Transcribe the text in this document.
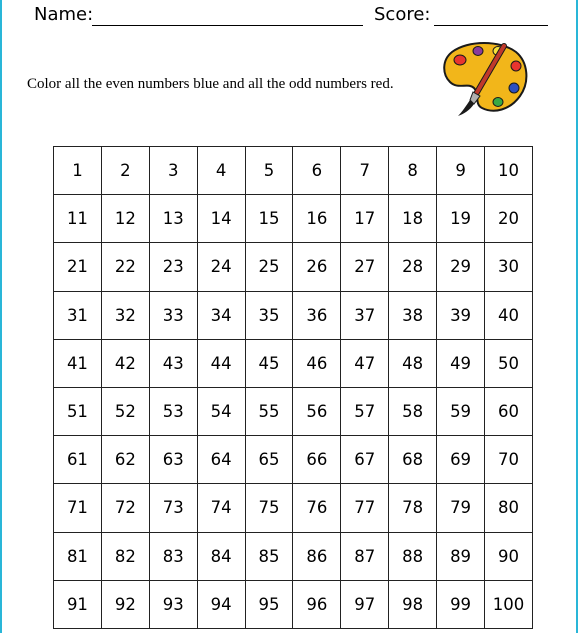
Name:	Score:
Color all the even numbers blue and all the odd numbers red.
1	2	3	4	5	6	7	8	9	10
11	12	13	14	15	16	17	18	19	20
21	22	23	24	25	26	27	28	29	30
31	32	33	34	35	36	37	38	39	40
41	42	43	44	45	46	47	48	49	50
51	52	53	54	55	56	57	58	59	60
61	62	63	64	65	66	67	68	69	70
71	72	73	74	75	76	77	78	79	80
81	82	83	84	85	86	87	88	89	90
91	92	93	94	95	96	97	98	99	100
